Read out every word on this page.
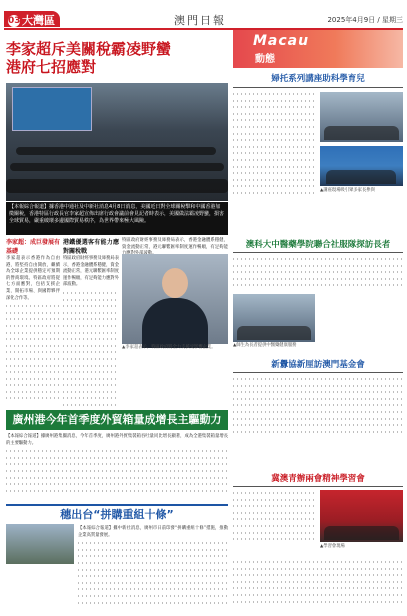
03大灣區	澳門日報	2025年4月9日 / 星期三
李家超斥美關稅霸凌野蠻
港府七招應對
【本報綜合報道】據香港中通社及中新社消息4月8日消息，美國近日對全球關稅擊和中國香港加徵關稅，香港特區行政長官李家超宣佈出席行政會議前會見記者時表示，美國做法霸凌野蠻，損害全球貿易，嚴重破壞多邊國際貿易秩序，為世界帶來極大風險。
李家超：成巨發展有基礎
李家超表示香港作為自由港，將堅持自由開放，繼續為全球企業提供穩定可預期的營商環境。特區政府將從七方面應對，包括支援企業、開拓市場、與國際夥伴深化合作等。
港鐵優選客有能力應對關稅戰
特區政府財經事務及庫務局表示，香港金融體系穩健，資金流動正常，港元聯繫匯率制度運作暢順，有足夠能力應對外部波動。
特區政府財經事務及庫務局表示，香港金融體系穩健，資金流動正常，港元聯繫匯率制度運作暢順，有足夠能
▲李家超表示，特區政府將全力支援受影響企業。
廣州港今年首季度外貿箱量成增長主驅動力
【本報綜合報道】據廣州港集團消息，今年首季度，廣州港外貿集裝箱吞吐量同比增長顯著，成為全港集裝箱量增長的主要驅動力。
穗出台“拼購重組十條”
【本報綜合報道】據中新社消息，廣州市日前印發“拼購重組十條”措施，推動企業高質量發展。
Macau
動態
婦托系列講座助科學育兒
▲講座現場吸引眾多家長參與
澳科大中醫藥學院聯合社服隊探訪長者
▲師生為長者提供中醫藥健康服務
新釁協新厘訪澳門基金會
冀澳青辦兩會精神學習會
▲學習會現場
